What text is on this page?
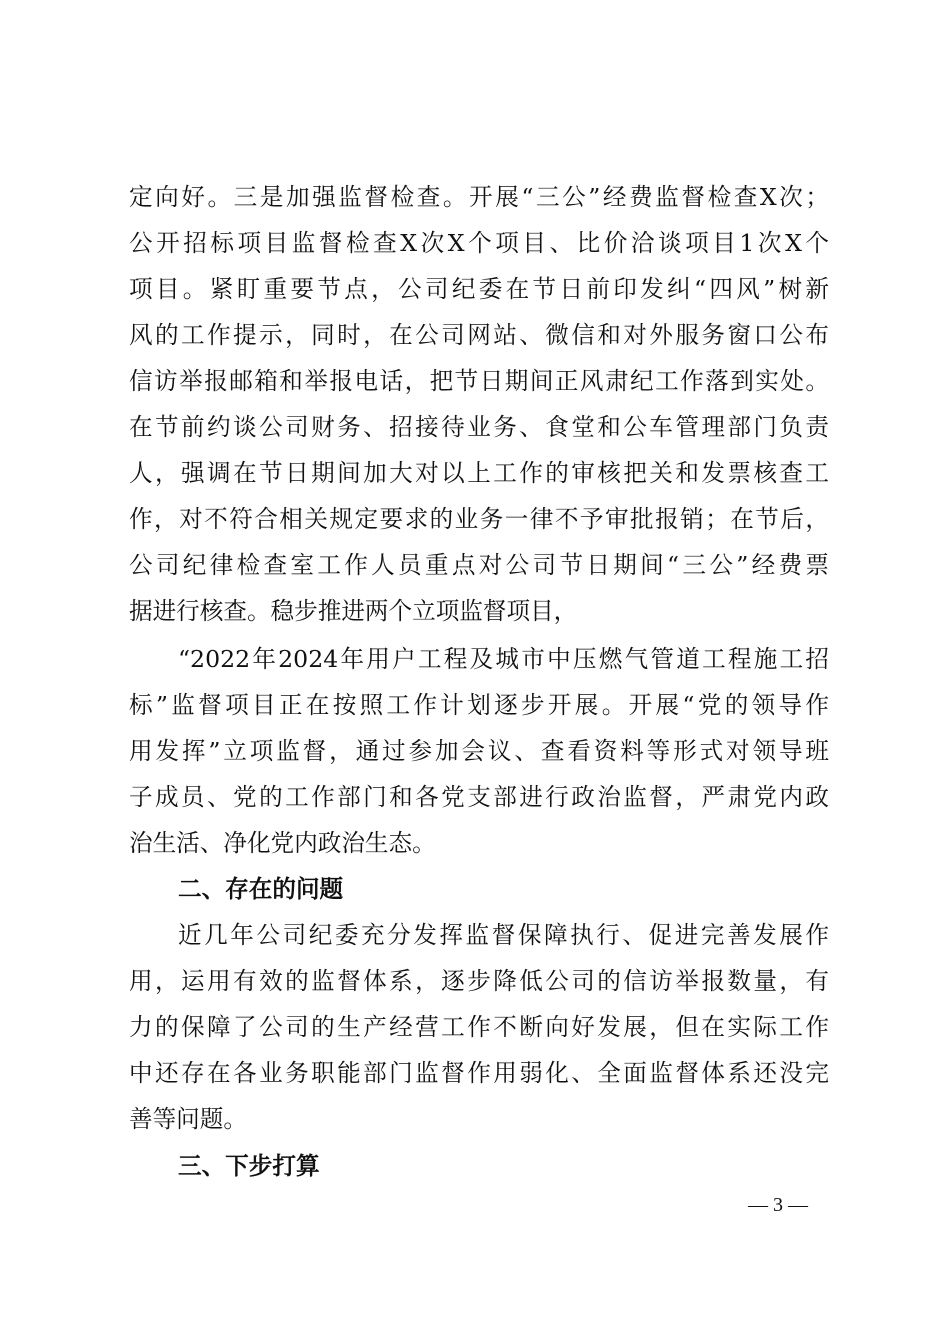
定向好。三是加强监督检查。开展“三公”经费监督检查X次；
公开招标项目监督检查X次X个项目、比价洽谈项目1次X个
项目。紧盯重要节点，公司纪委在节日前印发纠“四风”树新
风的工作提示，同时，在公司网站、微信和对外服务窗口公布
信访举报邮箱和举报电话，把节日期间正风肃纪工作落到实处。
在节前约谈公司财务、招接待业务、食堂和公车管理部门负责
人，强调在节日期间加大对以上工作的审核把关和发票核查工
作，对不符合相关规定要求的业务一律不予审批报销；在节后，
公司纪律检查室工作人员重点对公司节日期间“三公”经费票
据进行核查。稳步推进两个立项监督项目，
“2022年2024年用户工程及城市中压燃气管道工程施工招
标”监督项目正在按照工作计划逐步开展。开展“党的领导作
用发挥”立项监督，通过参加会议、查看资料等形式对领导班
子成员、党的工作部门和各党支部进行政治监督，严肃党内政
治生活、净化党内政治生态。
二、存在的问题
近几年公司纪委充分发挥监督保障执行、促进完善发展作
用，运用有效的监督体系，逐步降低公司的信访举报数量，有
力的保障了公司的生产经营工作不断向好发展，但在实际工作
中还存在各业务职能部门监督作用弱化、全面监督体系还没完
善等问题。
三、下步打算
— 3 —
